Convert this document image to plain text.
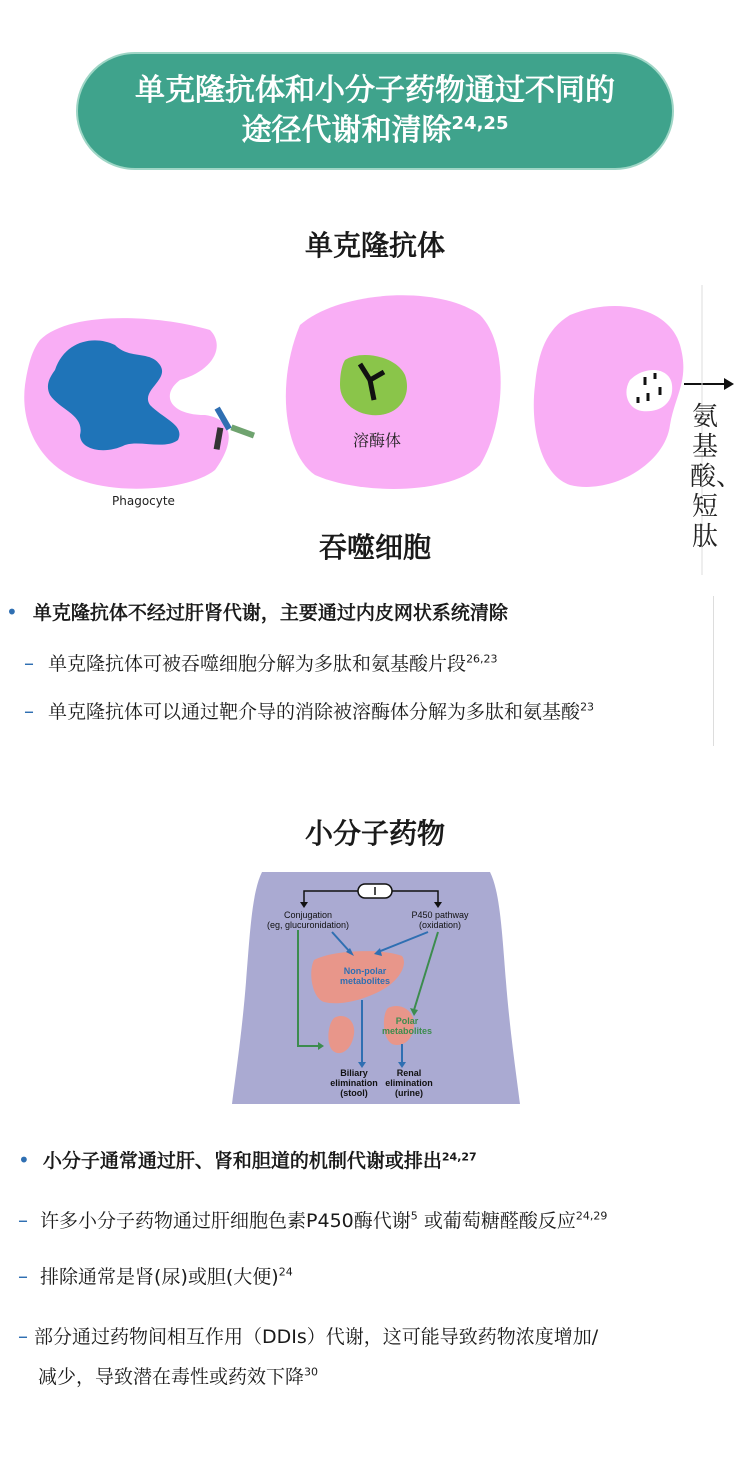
单克隆抗体和小分子药物通过不同的
途径代谢和清除$^{24,25}$
单克隆抗体
Phagocyte
溶酶体
氨基酸、短肽
吞噬细胞
• 单克隆抗体不经过肝肾代谢，主要通过内皮网状系统清除
– 单克隆抗体可被吞噬细胞分解为多肽和氨基酸片段$^{26,23}$
– 单克隆抗体可以通过靶介导的消除被溶酶体分解为多肽和氨基酸$^{23}$
小分子药物
Conjugation
(eg, glucuronidation)
P450 pathway
(oxidation)
Non-polar
metabolites
Polar
metabolites
Biliary
elimination
(stool)
Renal
elimination
(urine)
• 小分子通常通过肝、肾和胆道的机制代谢或排出$^{24,27}$
– 许多小分子药物通过肝细胞色素P450酶代谢$^5$ 或葡萄糖醛酸反应$^{24,29}$
– 排除通常是肾(尿)或胆(大便)$^{24}$
– 部分通过药物间相互作用（DDIs）代谢，这可能导致药物浓度增加/
减少，导致潜在毒性或药效下降$^{30}$
